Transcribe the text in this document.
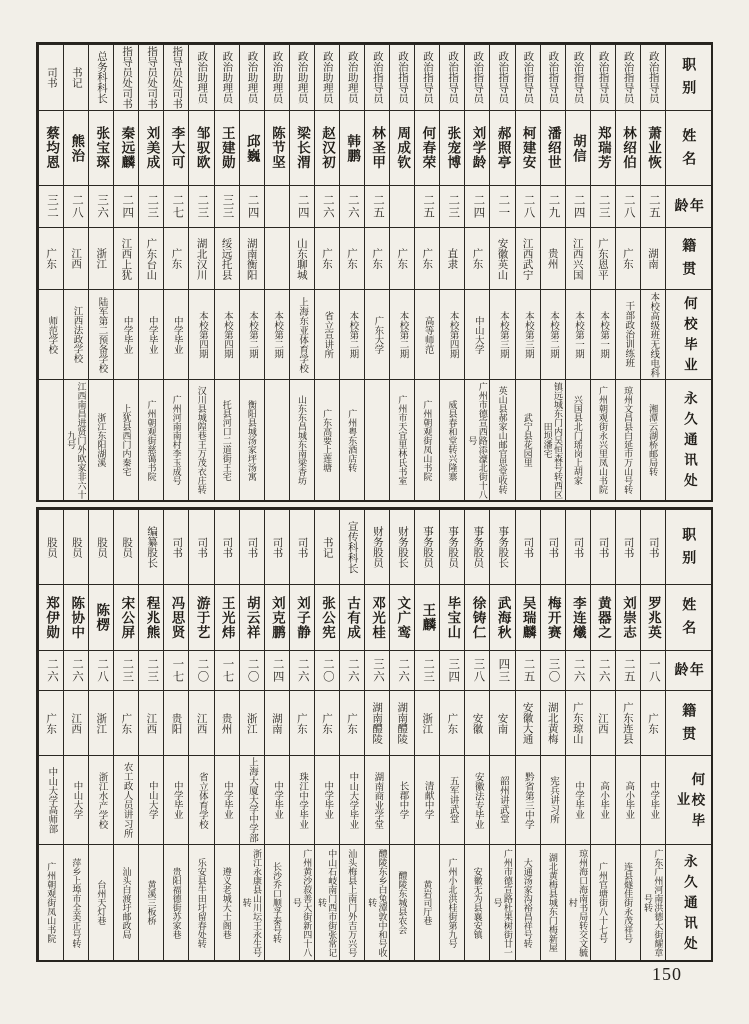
职别
政治指导员
政治指导员
政治指导员
政治指导员
政治指导员
政治指导员
政治指导员
政治指导员
政治指导员
政治指导员
政治指导员
政治指导员
政治助理员
政治助理员
政治助理员
政治助理员
政治助理员
政治助理员
政治助理员
指导员处司书
指导员处司书
指导员处司书
总务科科长
书记
司书
姓名
萧业恢
林绍伯
郑瑞芳
胡信
潘绍世
柯建安
郝照亭
刘学龄
张宠博
何春荣
周成钦
林圣甲
韩鹏
赵汉初
梁长渭
陈节坚
邱巍
王建勋
邹驭欧
李大可
刘美成
秦远麟
张宝琛
熊治
蔡均恩
年龄
二五
二八
二三
二四
二九
二八
二一
二四
二三
二五
二五
二六
二六
二四
二四
三三
二三
二七
二三
二四
三六
二八
三二
籍贯
湖南
广东
广东恩平
江西兴国
贵州
江西武宁
安徽英山
广东
直隶
广东
广东
广东
广东
广东
山东聊城
湖南衡阳
绥远托县
湖北汉川
广东
广东台山
江西上犹
浙江
江西
广东
何校毕业
本校高级班无线电科
干部政治训练班
本校第一期
本校第一期
本校第二期
本校第三期
本校第三期
中山大学
本校第四期
高等师范
本校第二期
广东大学
本校第二期
省立宣讲所
上海东亚体育学校
本校第二期
本校第二期
本校第四期
本校第四期
中学毕业
中学毕业
中学毕业
陆军第二预备学校
江西法政学校
师范学校
永久通讯处
湘潭云湖桥邮局转
琼州文昌县白延市万山号转
广州朝观街永兴里凤山书院
兴国县北门瑶岗上胡家
镇远城东门内吴恒森号转西区田坝潘宅
武宁县花园里
英山县郝家山邮官思堂收转
广州市德宣西路添濠北街十八号
威县春和堂转兴隆寨
广州朝观街凤山书院
广州市天宜里林氏书室
广州粤东酒店转
广东高要上莲塘
山东东昌城东南梁香坊
衡阳县城汤家坪汤寓
托县河口二道街王宅
汉川县城隍巷王万茂衣庄转
广州河南南村李玉成号
广州朝观街慈蔼书院
上犹县西门内秦宅
浙江东阳湖溪
江西南昌进贤门外欧家非六十九号
职别
司书
司书
司书
司书
司书
司书
事务股长
事务股员
事务股员
事务股员
财务股长
财务股员
宣传科科长
书记
司书
司书
司书
司书
司书
司书
编纂股长
股员
股员
股员
股员
姓名
罗兆英
刘崇志
黄器之
李连爔
梅开赛
吴瑞麟
武海秋
徐铸仁
毕宝山
王麟
文广鸾
邓光桂
古有成
张公宪
刘子静
刘克鹏
胡云祥
王光炜
游于艺
冯思贤
程兆熊
宋公屏
陈楞
陈协中
郑伊勋
年龄
一八
二五
二六
二六
三〇
二五
四三
三八
三四
二三
二六
三六
二六
二〇
二六
二四
二〇
一七
二〇
一七
二三
二三
二八
二六
二六
籍贯
广东
广东连县
江西
广东琼山
湖北黄梅
安徽大通
安南
安徽
广东
浙江
湖南醴陵
湖南醴陵
广东
广东
广东
湖南
浙江
贵州
江西
贵阳
江西
广东
浙江
江西
广东
何校毕业
中学毕业
高小毕业
高小毕业
中学毕业
宪兵讲习所
黔省第三中学
韶州讲武堂
安徽法专毕业
五军讲武堂
清献中学
长郡中学
湖南商业学堂
中山大学毕业
中学毕业
珠江中学毕业
中学毕业
上海大厦大学中学部
中学毕业
省立体育学校
中学毕业
中山大学
农工政人员讲习所
浙江水产学校
中山大学
中山大学高师部
永久通讯处
广东广州河南洪德大街耀章号转
连县燧佳街永茂祥号
广州官塘街八十七号
琼州海口海南书局转交文毓村
湖北黄梅县城东门梅新屋
大通汤家沟裕昌祥号转
广州市德宣路杜果树街廿一号
安徽无为县襄安镇
广州小北洪桂街第九号
黄岩司厅巷
醴陵东城县农会
醴陵东乡白兔潭敦中和号收转
汕头梅县上南门外吉万兴号
中山石岐南门西市街张常记转
广州黄沙菽善大街新四十八号
长沙乔口顺孚泰号转
浙江永康县山川坛王永生号转
遵义老城大士阁巷
乐安县牛田圩留春处转
贵阳福德街苏家巷
黄溪三板桥
汕头白渡圩邮政局
台州天灯巷
萍乡上埠市全美正号转
广州朝观街凤山书院
150
